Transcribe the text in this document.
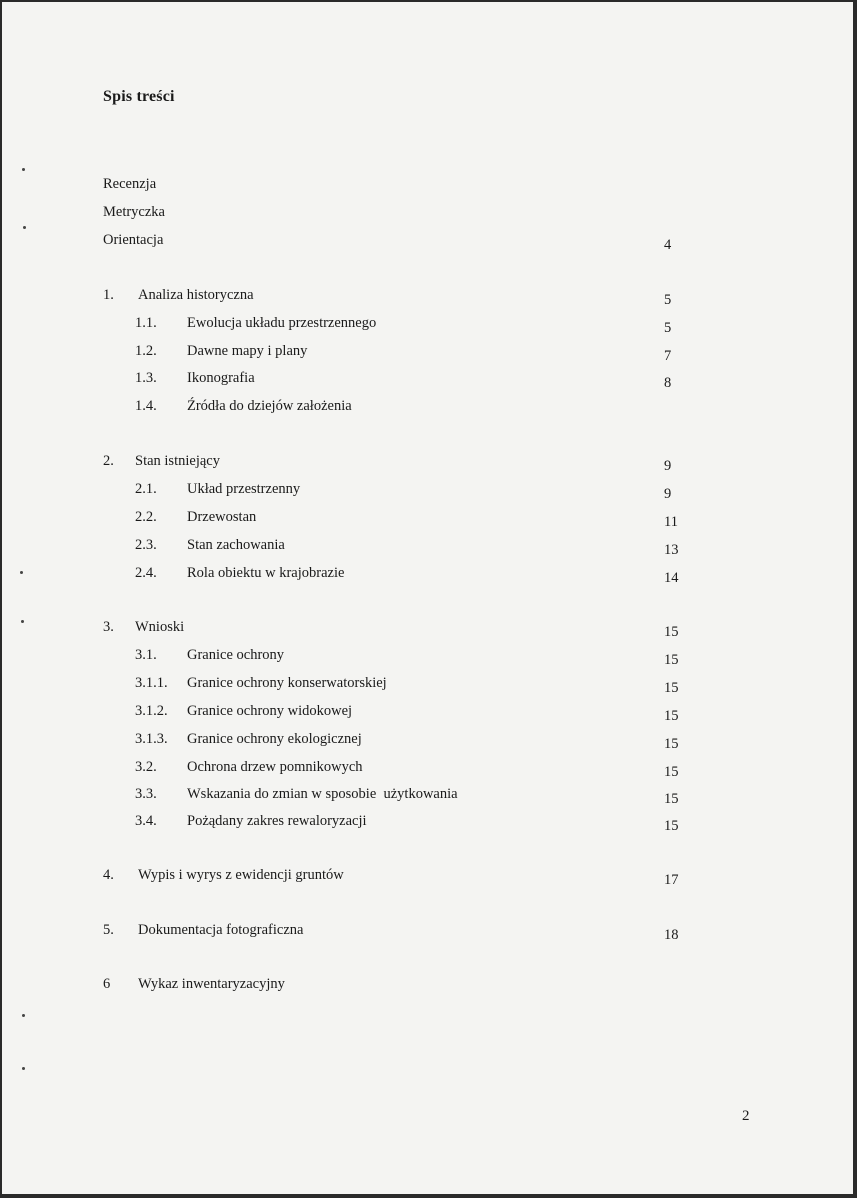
Spis treści
Recenzja
Metryczka
Orientacja	4
1. Analiza historyczna	5
1.1. Ewolucja układu przestrzennego	5
1.2. Dawne mapy i plany	7
1.3. Ikonografia	8
1.4. Źródła do dziejów założenia
2. Stan istniejący	9
2.1. Układ przestrzenny	9
2.2. Drzewostan	11
2.3. Stan zachowania	13
2.4. Rola obiektu w krajobrazie	14
3. Wnioski	15
3.1. Granice ochrony	15
3.1.1. Granice ochrony konserwatorskiej	15
3.1.2. Granice ochrony widokowej	15
3.1.3. Granice ochrony ekologicznej	15
3.2. Ochrona drzew pomnikowych	15
3.3. Wskazania do zmian w sposobie  użytkowania	15
3.4. Pożądany zakres rewaloryzacji	15
4. Wypis i wyrys z ewidencji gruntów	17
5. Dokumentacja fotograficzna	18
6 Wykaz inwentaryzacyjny
2
